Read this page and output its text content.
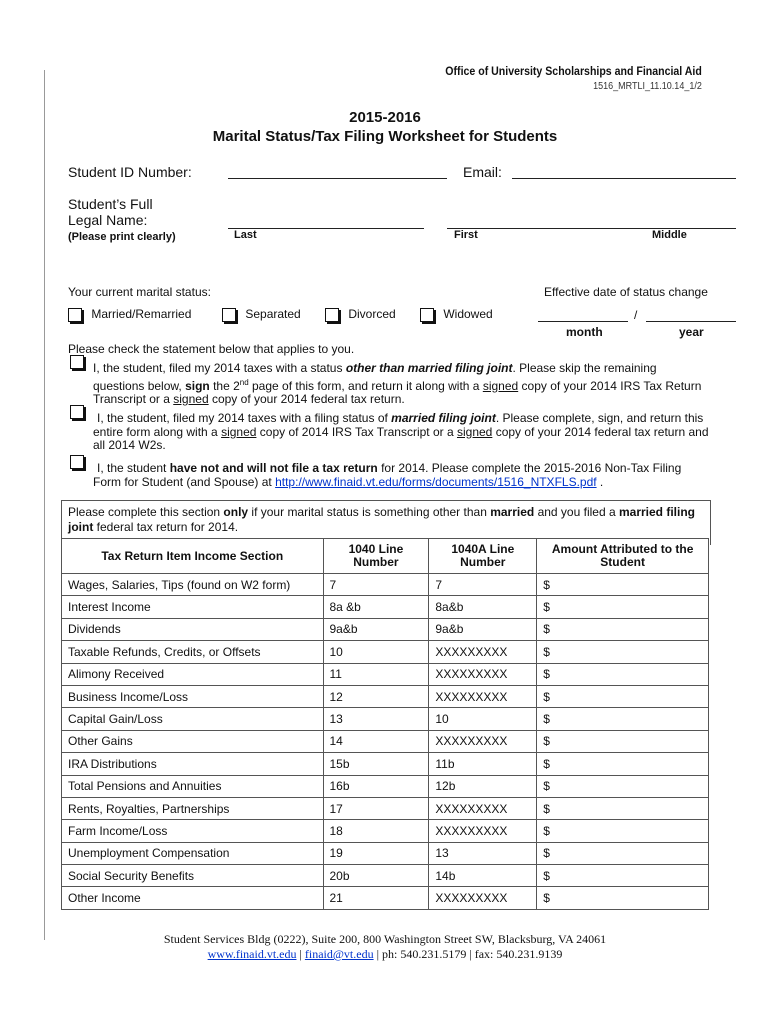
Office of University Scholarships and Financial Aid
1516_MRTLI_11.10.14_1/2
2015-2016
Marital Status/Tax Filing Worksheet for Students
Student ID Number:	Email:
Student’s Full
Legal Name:
(Please print clearly)	Last	First	Middle
Your current marital status:	Effective date of status change
Married/Remarried	Separated	Divorced	Widowed	/
month	year
Please check the statement below that applies to you.
I, the student, filed my 2014 taxes with a status other than married filing joint. Please skip the remaining questions below, sign the 2nd page of this form, and return it along with a signed copy of your 2014 IRS Tax Return Transcript or a signed copy of your 2014 federal tax return.
I, the student, filed my 2014 taxes with a filing status of married filing joint. Please complete, sign, and return this entire form along with a signed copy of 2014 IRS Tax Transcript or a signed copy of your 2014 federal tax return and all 2014 W2s.
I, the student have not and will not file a tax return for 2014. Please complete the 2015-2016 Non-Tax Filing Form for Student (and Spouse) at http://www.finaid.vt.edu/forms/documents/1516_NTXFLS.pdf .
Please complete this section only if your marital status is something other than married and you filed a married filing joint federal tax return for 2014.
Tax Return Item Income Section	1040 Line Number	1040A Line Number	Amount Attributed to the Student
Wages, Salaries, Tips (found on W2 form)	7	7	$
Interest Income	8a &b	8a&b	$
Dividends	9a&b	9a&b	$
Taxable Refunds, Credits, or Offsets	10	XXXXXXXXX	$
Alimony Received	11	XXXXXXXXX	$
Business Income/Loss	12	XXXXXXXXX	$
Capital Gain/Loss	13	10	$
Other Gains	14	XXXXXXXXX	$
IRA Distributions	15b	11b	$
Total Pensions and Annuities	16b	12b	$
Rents, Royalties, Partnerships	17	XXXXXXXXX	$
Farm Income/Loss	18	XXXXXXXXX	$
Unemployment Compensation	19	13	$
Social Security Benefits	20b	14b	$
Other Income	21	XXXXXXXXX	$
Student Services Bldg (0222), Suite 200, 800 Washington Street SW, Blacksburg, VA 24061
www.finaid.vt.edu | finaid@vt.edu | ph: 540.231.5179 | fax: 540.231.9139
